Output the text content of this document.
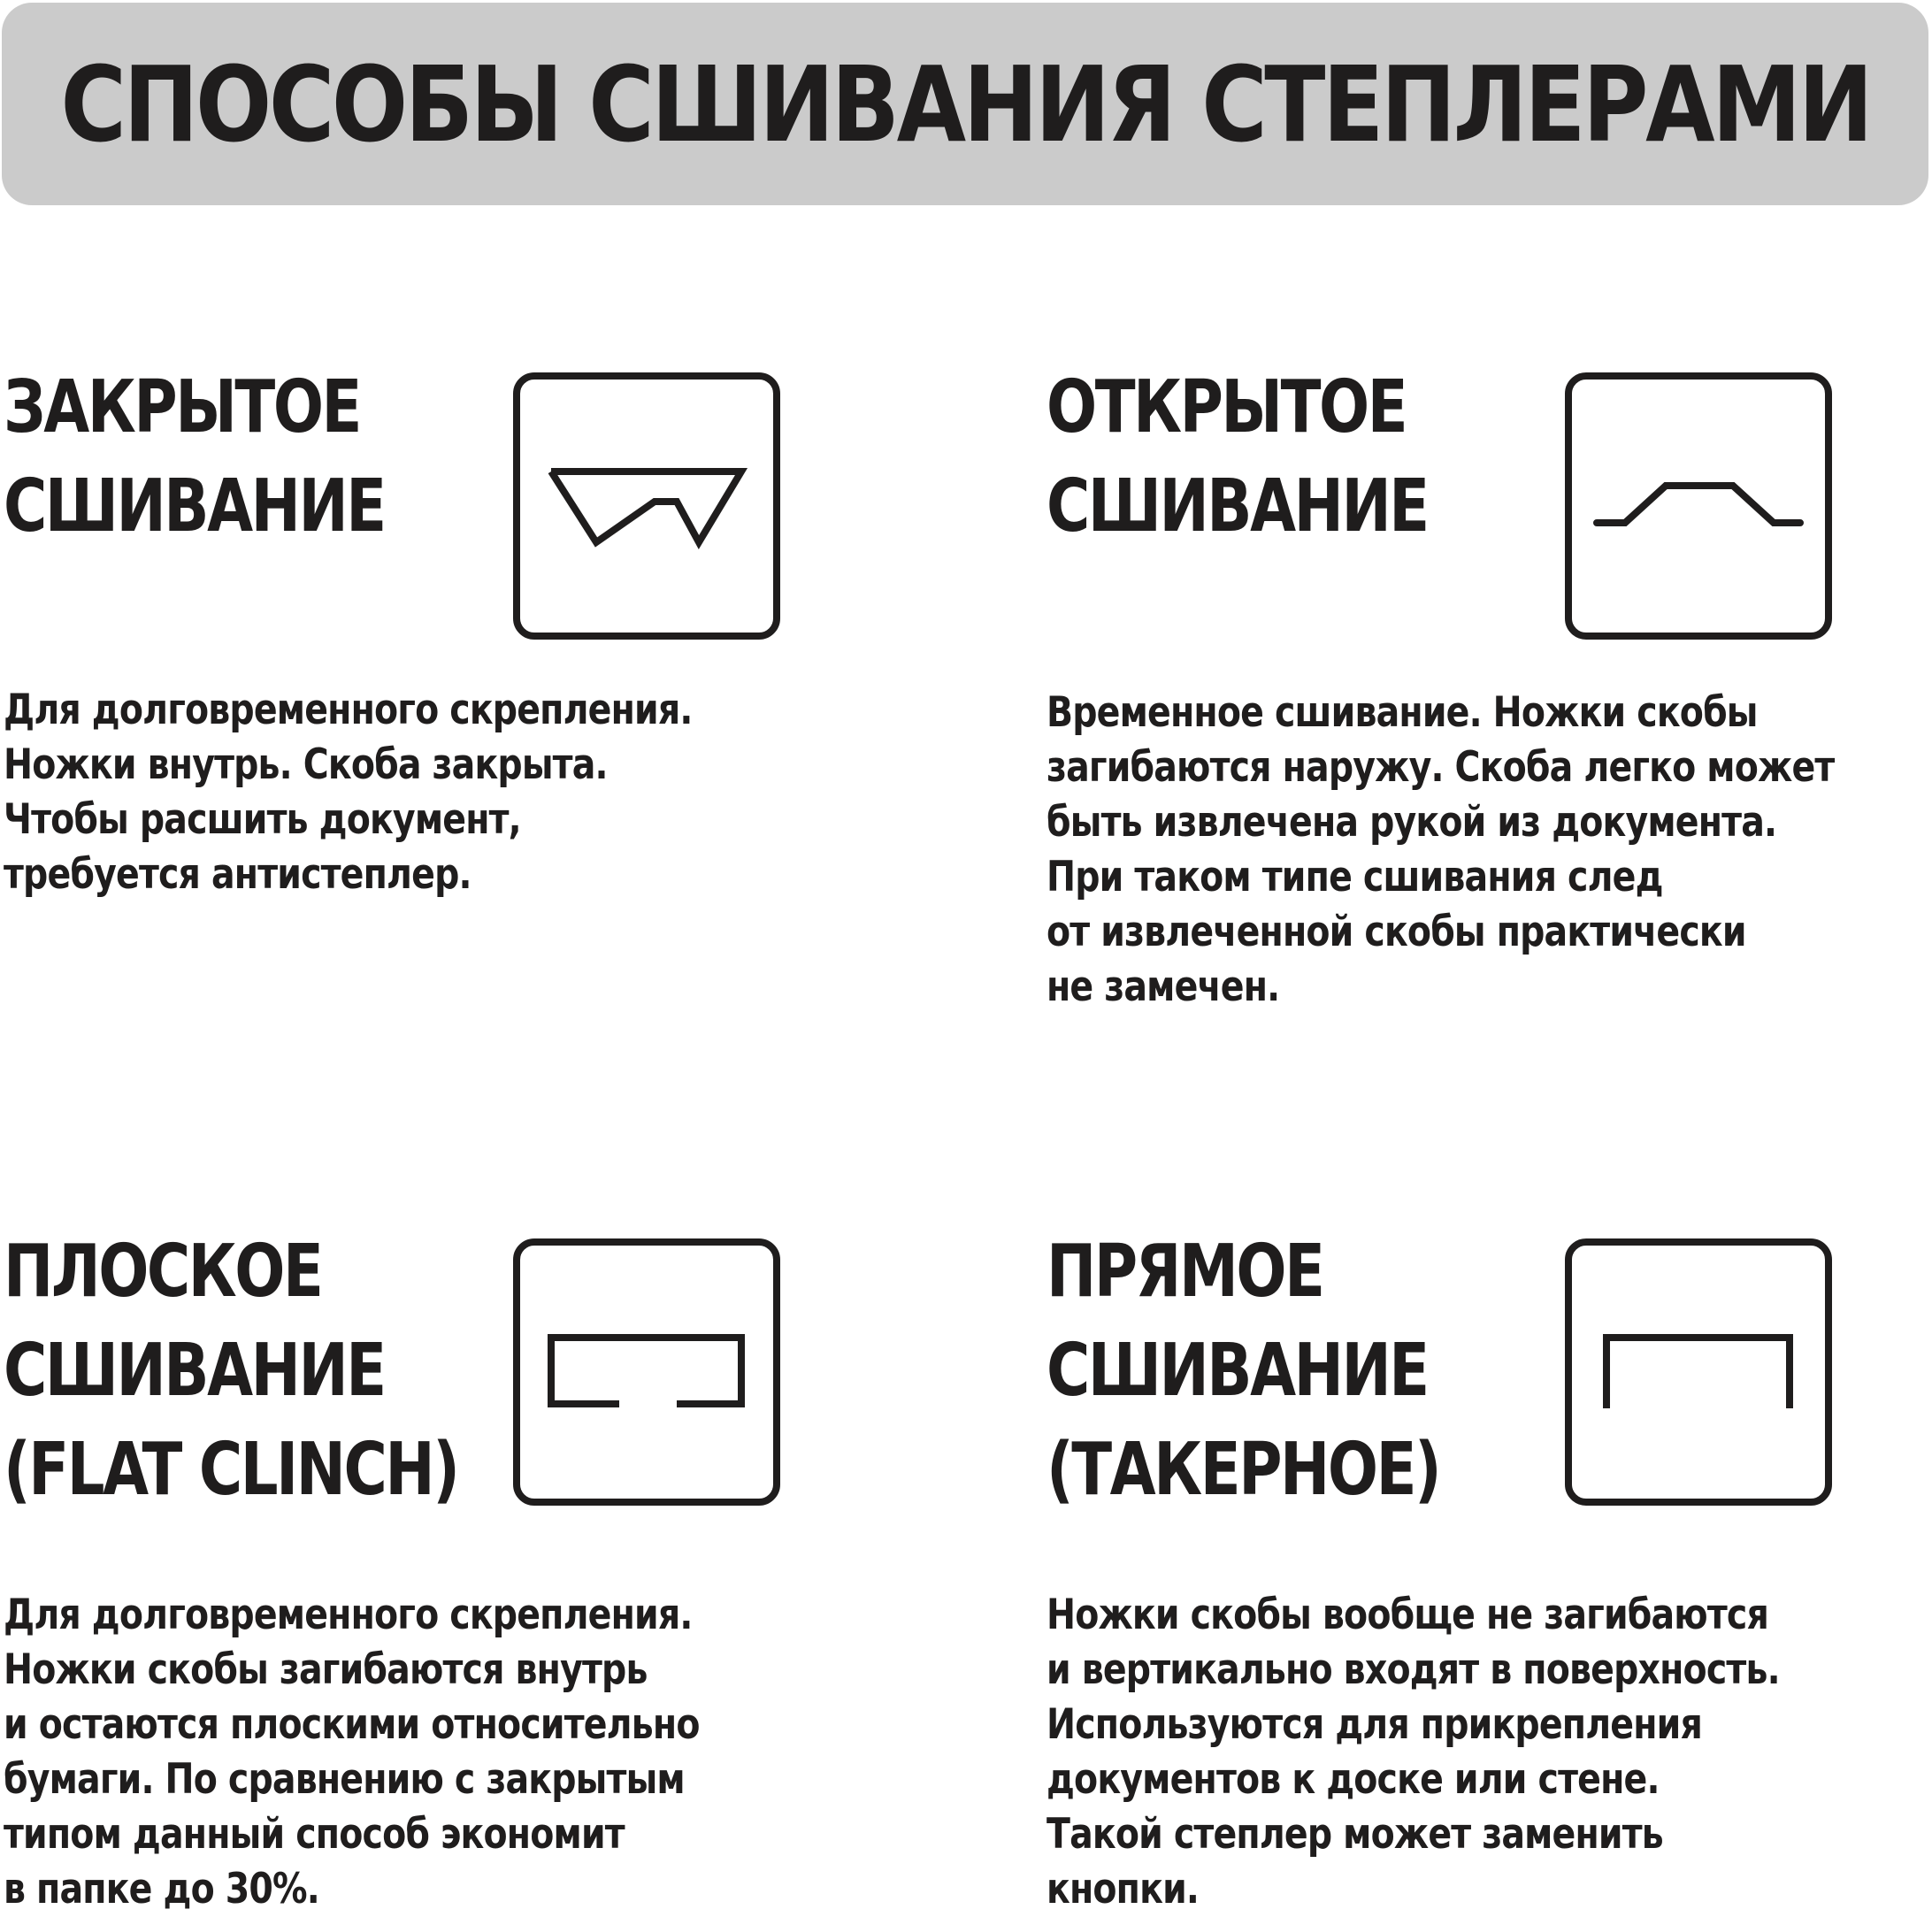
СПОСОБЫ СШИВАНИЯ СТЕПЛЕРАМИ
ЗАКРЫТОЕ
СШИВАНИЕ
Для долговременного скрепления.
Ножки внутрь. Скоба закрыта.
Чтобы расшить документ,
требуется антистеплер.
ОТКРЫТОЕ
СШИВАНИЕ
Временное сшивание. Ножки скобы
загибаются наружу. Скоба легко может
быть извлечена рукой из документа.
При таком типе сшивания след
от извлеченной скобы практически
не замечен.
ПЛОСКОЕ
СШИВАНИЕ
(FLAT CLINCH)
Для долговременного скрепления.
Ножки скобы загибаются внутрь
и остаются плоскими относительно
бумаги. По сравнению с закрытым
типом данный способ экономит
в папке до 30%.
ПРЯМОЕ
СШИВАНИЕ
(ТАКЕРНОЕ)
Ножки скобы вообще не загибаются
и вертикально входят в поверхность.
Используются для прикрепления
документов к доске или стене.
Такой степлер может заменить
кнопки.
